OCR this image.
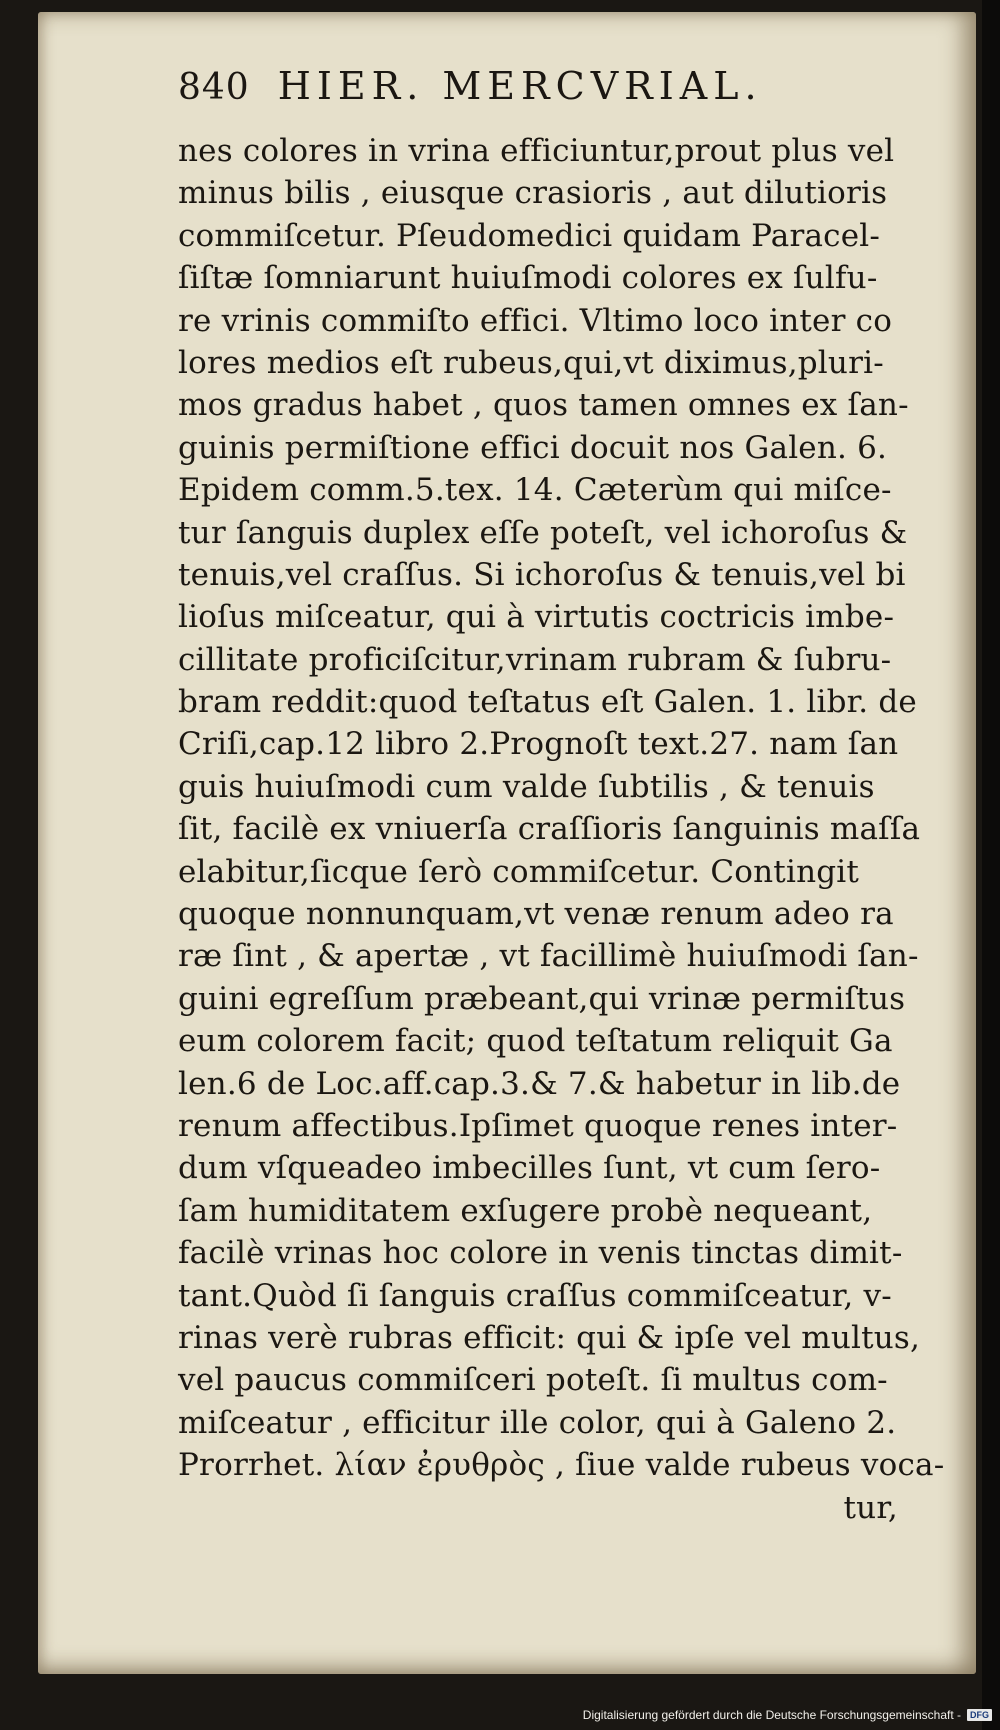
840 HIER. MERCVRIAL.
nes colores in vrina efficiuntur,prout plus vel
minus bilis , eiusque crasioris , aut dilutioris
commiſcetur. Pſeudomedici quidam Paracel-
ſiſtæ ſomniarunt huiuſmodi colores ex ſulfu-
re vrinis commiſto effici. Vltimo loco inter co
lores medios eſt rubeus,qui,vt diximus,pluri-
mos gradus habet , quos tamen omnes ex ſan-
guinis permiſtione effici docuit nos Galen. 6.
Epidem comm.5.tex. 14. Cæterùm qui miſce-
tur ſanguis duplex eſſe poteſt, vel ichoroſus &
tenuis,vel craſſus. Si ichoroſus & tenuis,vel bi
lioſus miſceatur, qui à virtutis coctricis imbe-
cillitate proficiſcitur,vrinam rubram & ſubru-
bram reddit:quod teſtatus eſt Galen. 1. libr. de
Criſi,cap.12 libro 2.Prognoſt text.27. nam ſan
guis huiuſmodi cum valde ſubtilis , & tenuis
ſit, facilè ex vniuerſa craſſioris ſanguinis maſſa
elabitur,ſicque ſerò commiſcetur. Contingit
quoque nonnunquam,vt venæ renum adeo ra
ræ ſint , & apertæ , vt facillimè huiuſmodi ſan-
guini egreſſum præbeant,qui vrinæ permiſtus
eum colorem facit; quod teſtatum reliquit Ga
len.6 de Loc.aff.cap.3.& 7.& habetur in lib.de
renum affectibus.Ipſimet quoque renes inter-
dum vſqueadeo imbecilles ſunt, vt cum ſero-
ſam humiditatem exſugere probè nequeant,
facilè vrinas hoc colore in venis tinctas dimit-
tant.Quòd ſi ſanguis craſſus commiſceatur, v-
rinas verè rubras efficit: qui & ipſe vel multus,
vel paucus commiſceri poteſt. ſi multus com-
miſceatur , efficitur ille color, qui à Galeno 2.
Prorrhet. λίαν ἐρυθρὸς , ſiue valde rubeus voca-
tur,
Digitalisierung gefördert durch die Deutsche Forschungsgemeinschaft -	DFG
